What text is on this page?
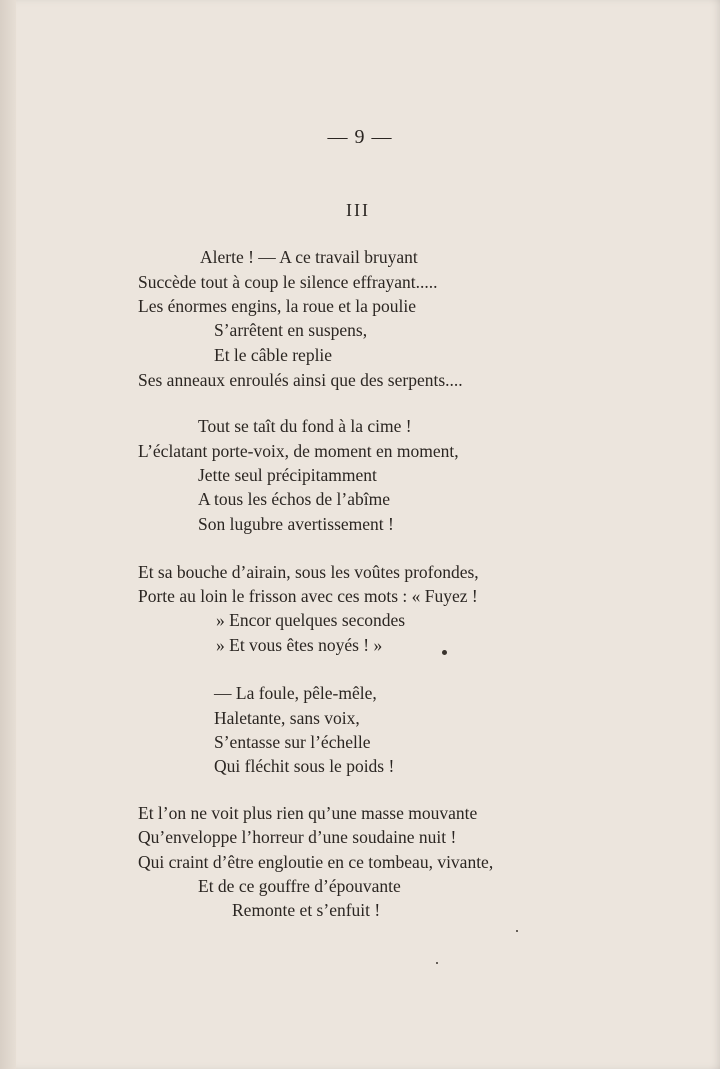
— 9 —
III
Alerte ! — A ce travail bruyant
Succède tout à coup le silence effrayant.....
Les énormes engins, la roue et la poulie
S’arrêtent en suspens,
Et le câble replie
Ses anneaux enroulés ainsi que des serpents....
Tout se taît du fond à la cime !
L’éclatant porte-voix, de moment en moment,
Jette seul précipitamment
A tous les échos de l’abîme
Son lugubre avertissement !
Et sa bouche d’airain, sous les voûtes profondes,
Porte au loin le frisson avec ces mots : « Fuyez !
» Encor quelques secondes
» Et vous êtes noyés ! »
— La foule, pêle-mêle,
Haletante, sans voix,
S’entasse sur l’échelle
Qui fléchit sous le poids !
Et l’on ne voit plus rien qu’une masse mouvante
Qu’enveloppe l’horreur d’une soudaine nuit !
Qui craint d’être engloutie en ce tombeau, vivante,
Et de ce gouffre d’épouvante
Remonte et s’enfuit !
